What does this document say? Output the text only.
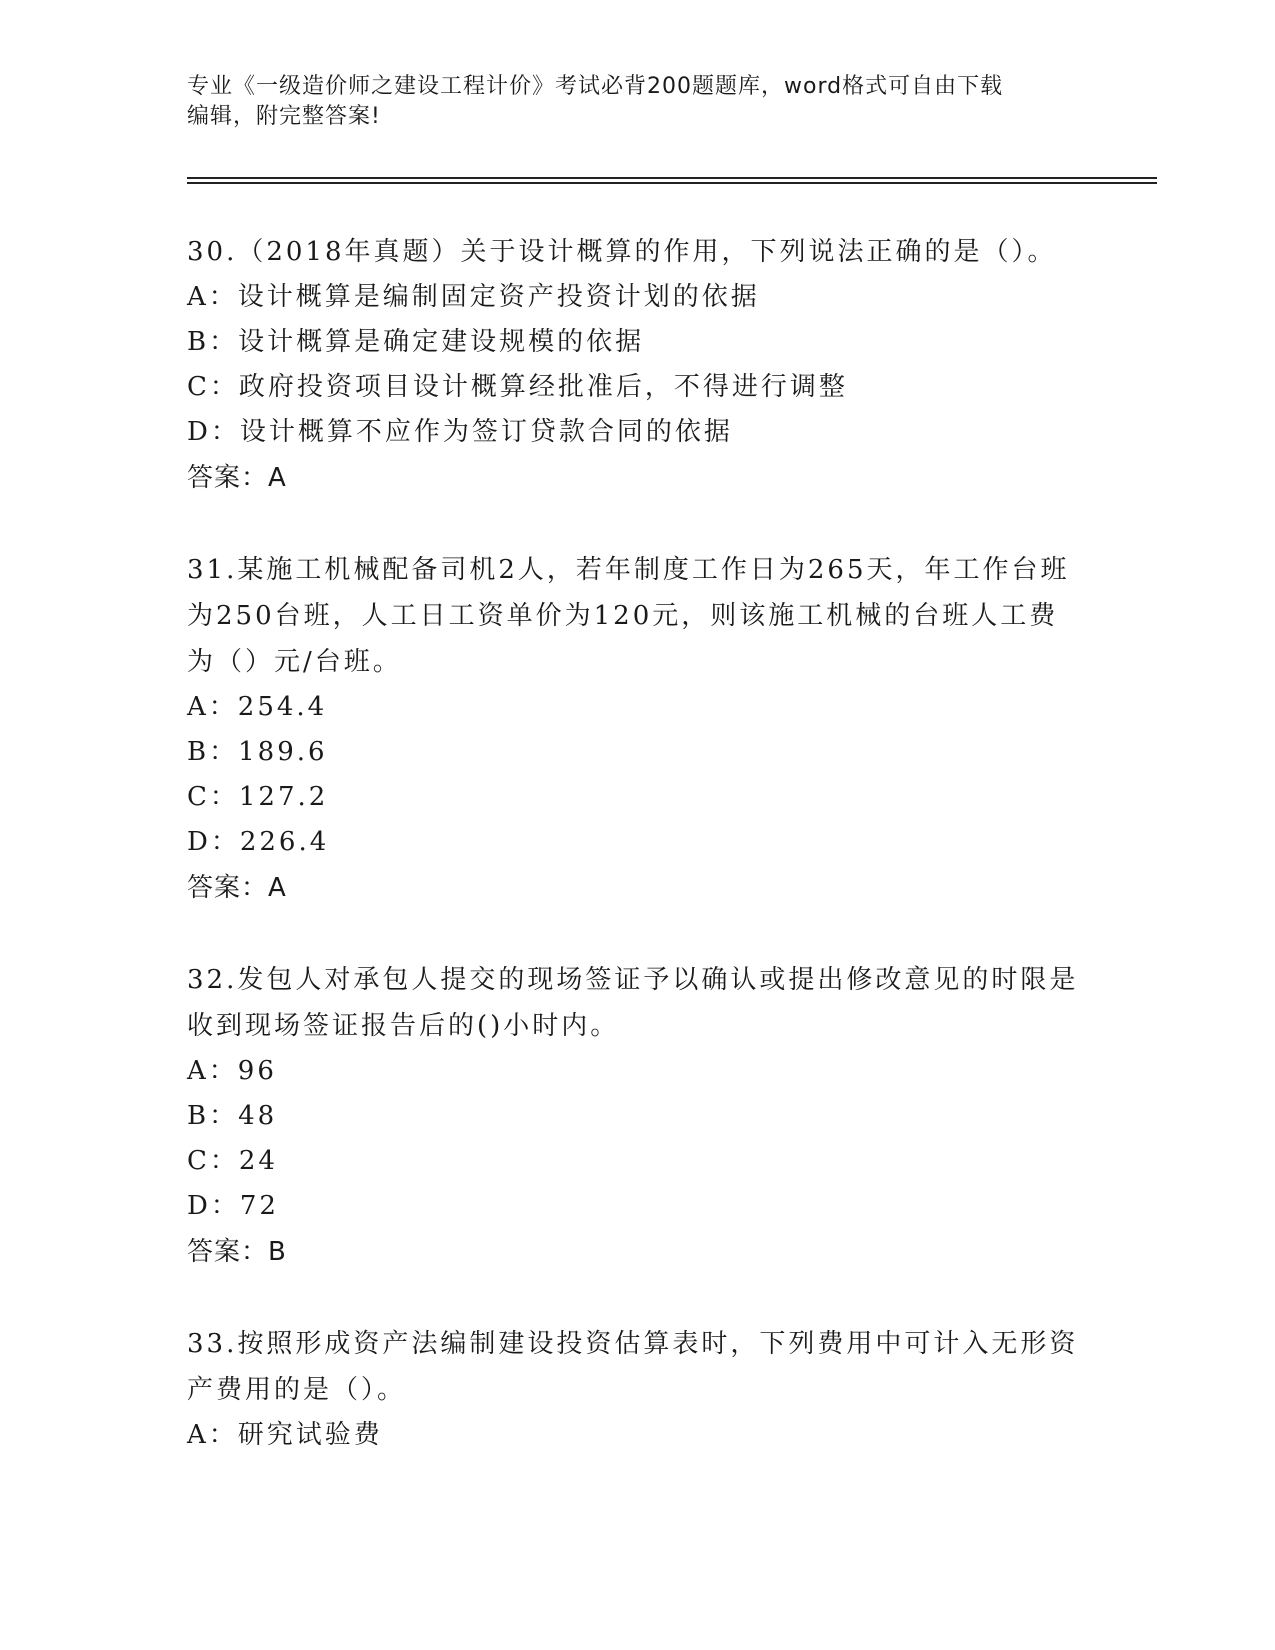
专业《一级造价师之建设工程计价》考试必背200题题库，word格式可自由下载
编辑，附完整答案!

30.（2018年真题）关于设计概算的作用，下列说法正确的是（）。

A：设计概算是编制固定资产投资计划的依据

B：设计概算是确定建设规模的依据

C：政府投资项目设计概算经批准后，不得进行调整

D：设计概算不应作为签订贷款合同的依据

答案：A

31.某施工机械配备司机2人，若年制度工作日为265天，年工作台班

为250台班，人工日工资单价为120元，则该施工机械的台班人工费

为（）元/台班。

A：254.4

B：189.6

C：127.2

D：226.4

答案：A

32.发包人对承包人提交的现场签证予以确认或提出修改意见的时限是

收到现场签证报告后的()小时内。

A：96

B：48

C：24

D：72

答案：B

33.按照形成资产法编制建设投资估算表时，下列费用中可计入无形资

产费用的是（）。

A：研究试验费
